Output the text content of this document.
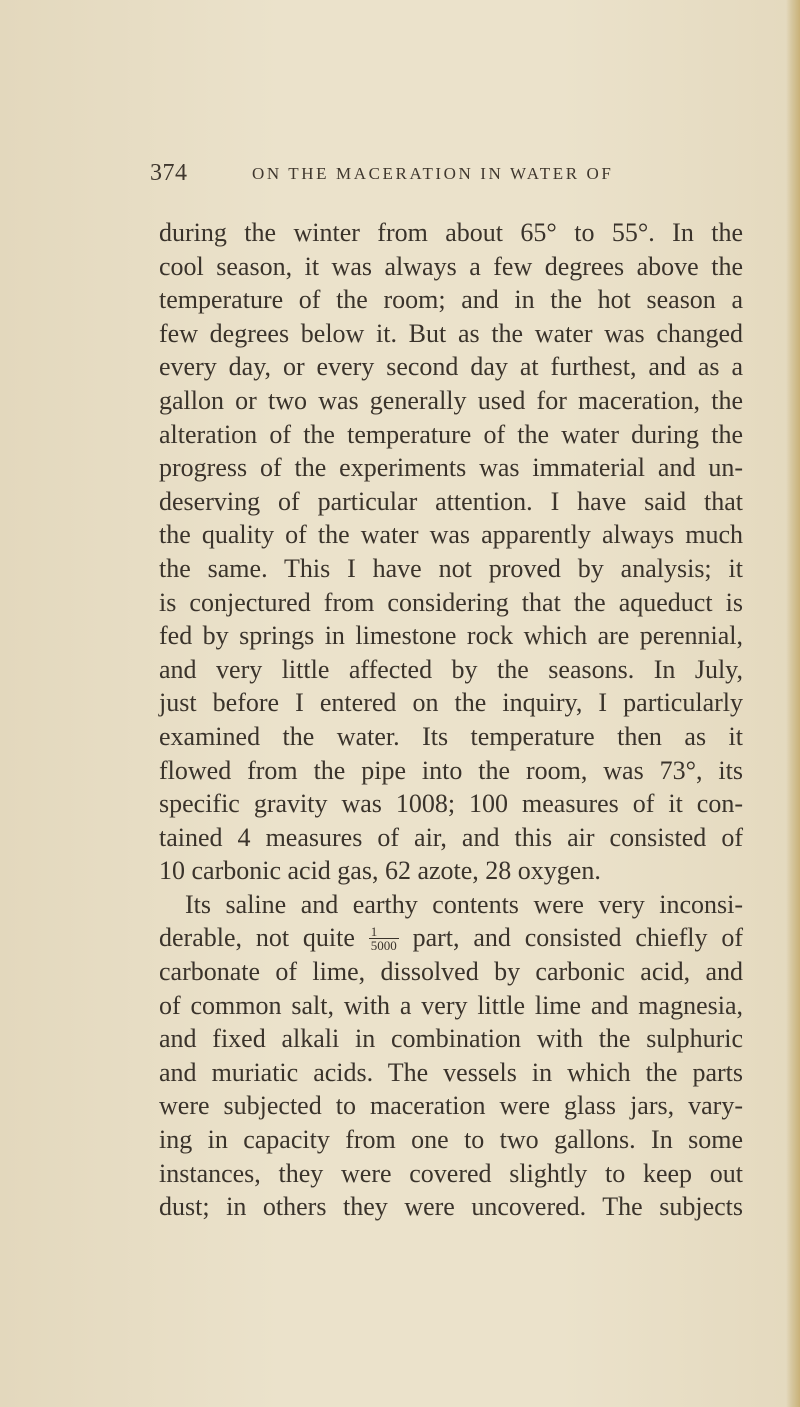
374	ON THE MACERATION IN WATER OF
during the winter from about 65° to 55°. In the
cool season, it was always a few degrees above the
temperature of the room; and in the hot season a
few degrees below it. But as the water was changed
every day, or every second day at furthest, and as a
gallon or two was generally used for maceration, the
alteration of the temperature of the water during the
progress of the experiments was immaterial and un-
deserving of particular attention. I have said that
the quality of the water was apparently always much
the same. This I have not proved by analysis; it
is conjectured from considering that the aqueduct is
fed by springs in limestone rock which are perennial,
and very little affected by the seasons. In July,
just before I entered on the inquiry, I particularly
examined the water. Its temperature then as it
flowed from the pipe into the room, was 73°, its
specific gravity was 1008; 100 measures of it con-
tained 4 measures of air, and this air consisted of
10 carbonic acid gas, 62 azote, 28 oxygen.
Its saline and earthy contents were very inconsi-
derable, not quite $\frac{1}{5000}$ part, and consisted chiefly of
carbonate of lime, dissolved by carbonic acid, and
of common salt, with a very little lime and magnesia,
and fixed alkali in combination with the sulphuric
and muriatic acids. The vessels in which the parts
were subjected to maceration were glass jars, vary-
ing in capacity from one to two gallons. In some
instances, they were covered slightly to keep out
dust; in others they were uncovered. The subjects
